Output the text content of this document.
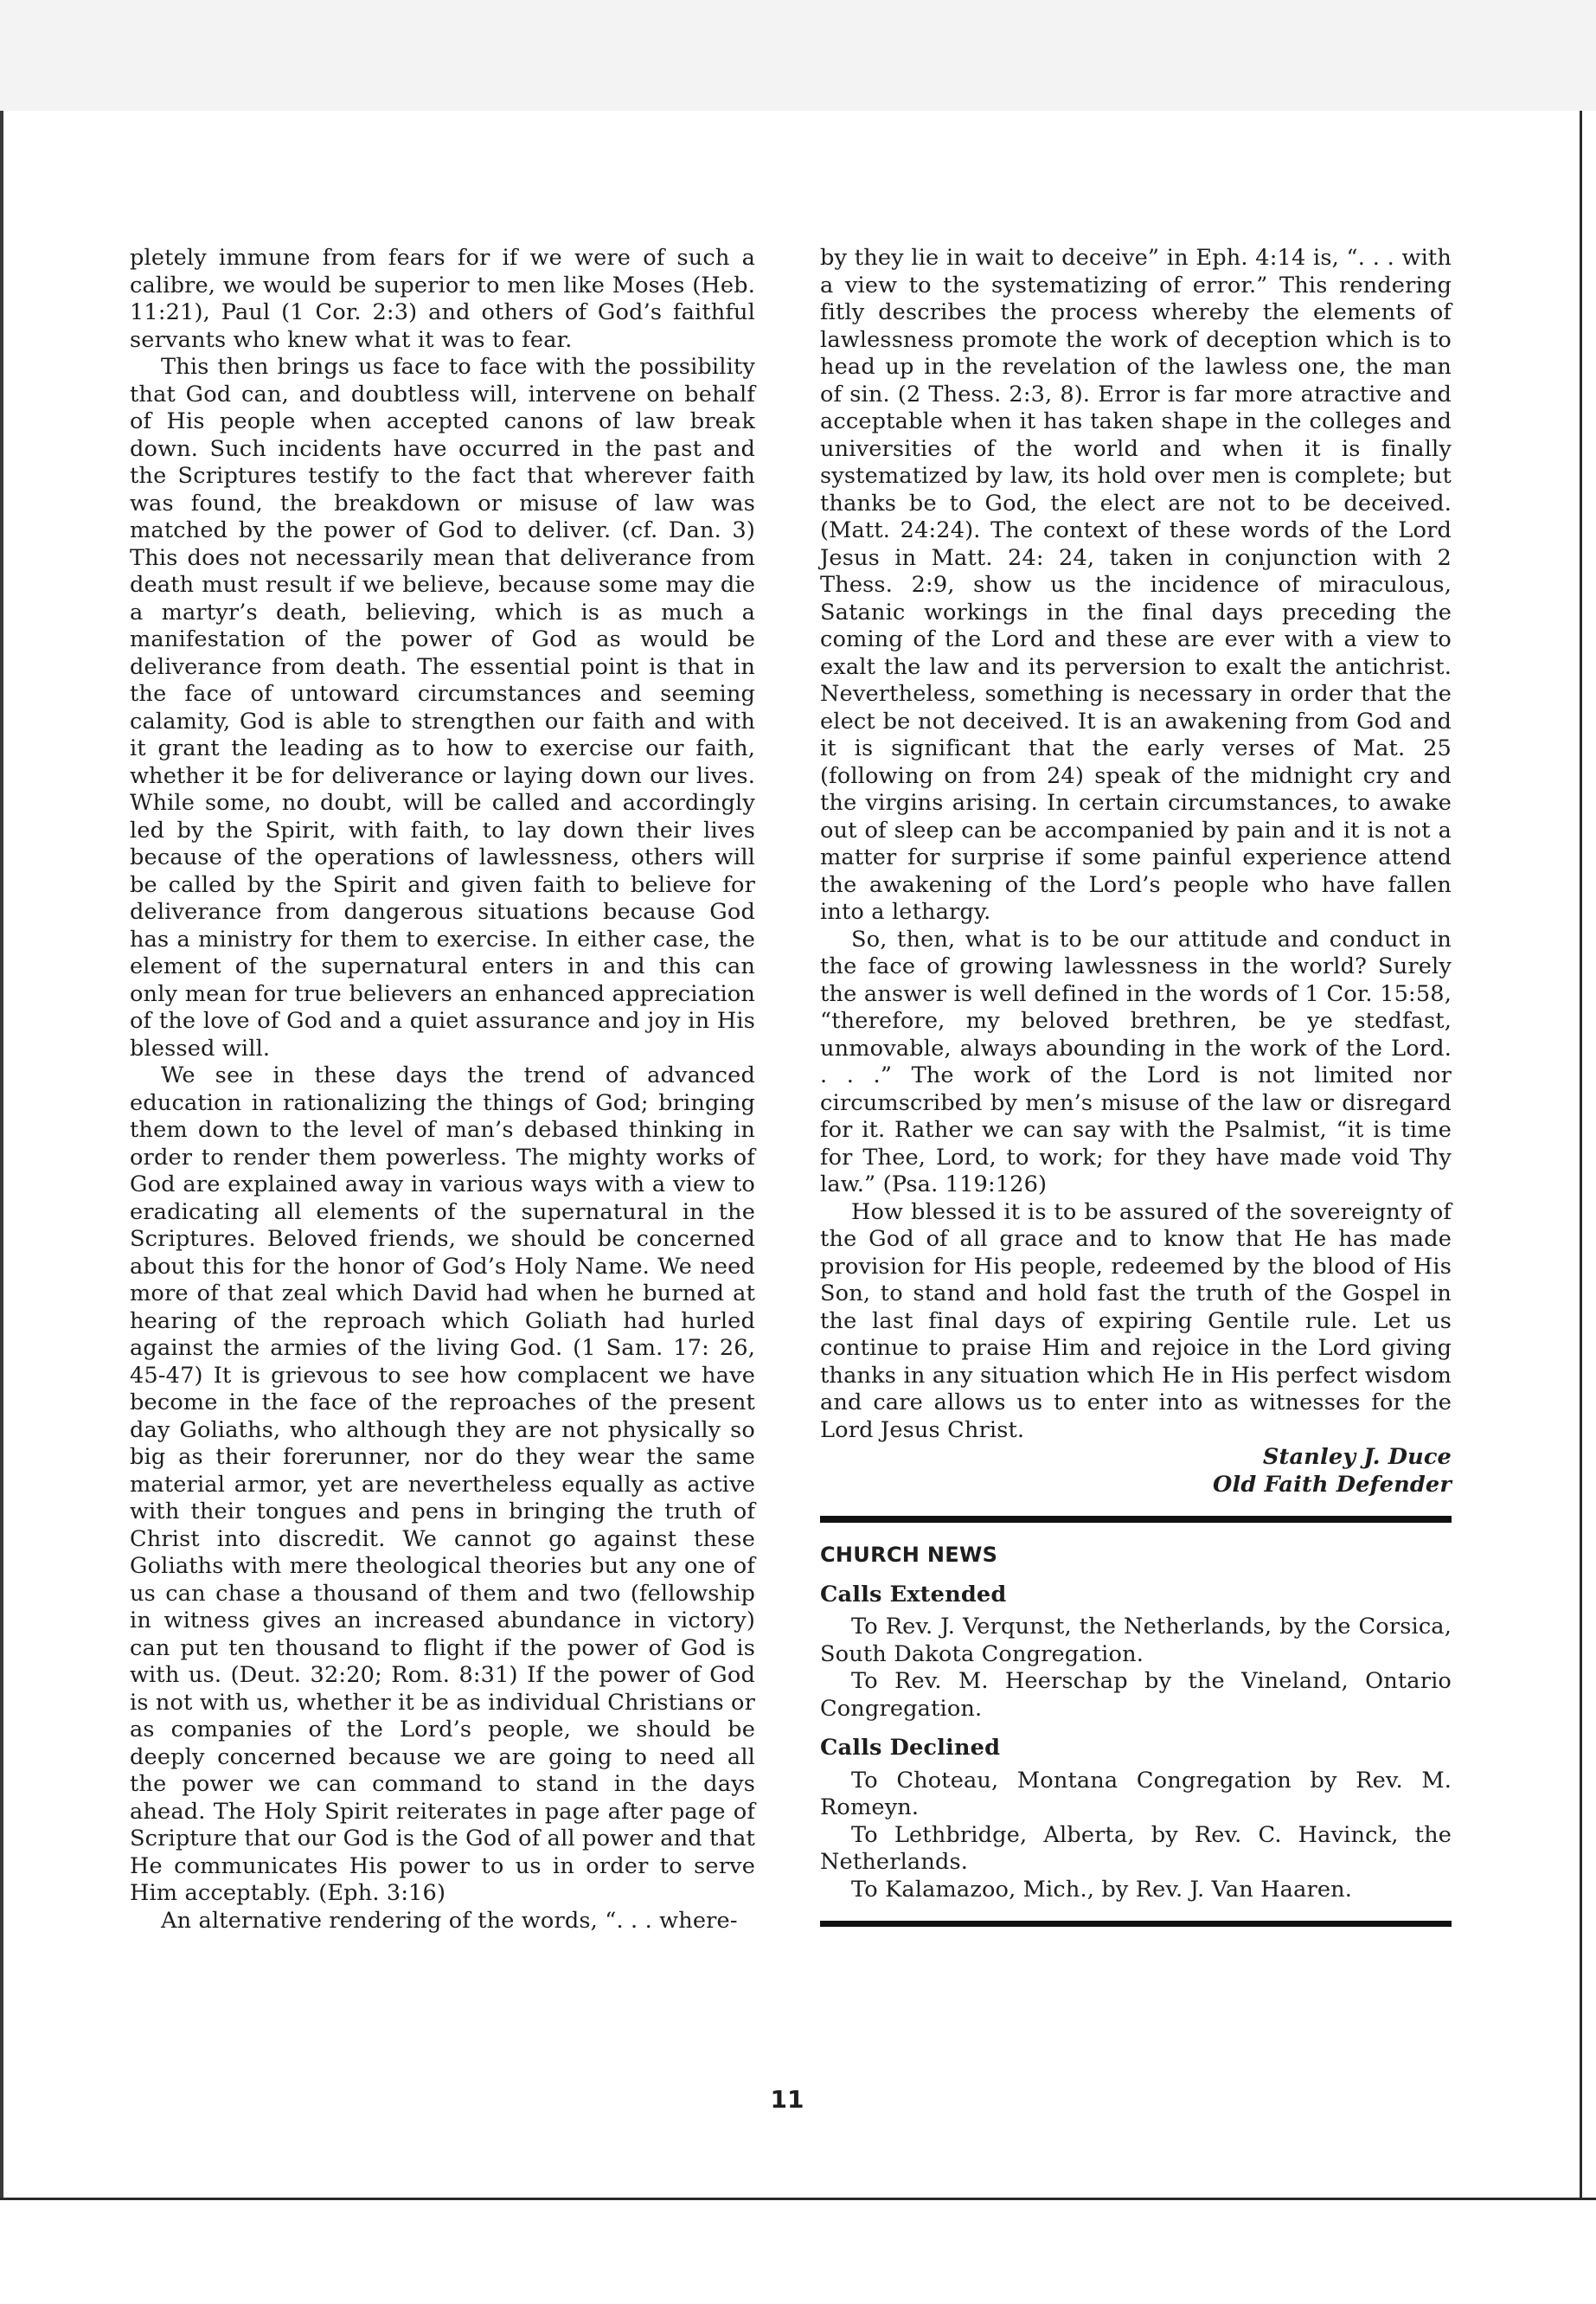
pletely immune from fears for if we were of such a calibre, we would be superior to men like Moses (Heb. 11:21), Paul (1 Cor. 2:3) and others of God’s faithful servants who knew what it was to fear.

This then brings us face to face with the possibility that God can, and doubtless will, intervene on behalf of His people when accepted canons of law break down. Such incidents have occurred in the past and the Scriptures testify to the fact that wherever faith was found, the breakdown or misuse of law was matched by the power of God to deliver. (cf. Dan. 3) This does not necessarily mean that deliverance from death must result if we believe, because some may die a martyr’s death, believing, which is as much a manifestation of the power of God as would be deliverance from death. The essential point is that in the face of untoward circumstances and seeming calamity, God is able to strengthen our faith and with it grant the leading as to how to exercise our faith, whether it be for deliverance or laying down our lives. While some, no doubt, will be called and accordingly led by the Spirit, with faith, to lay down their lives because of the operations of lawlessness, others will be called by the Spirit and given faith to believe for deliverance from dangerous situations because God has a ministry for them to exercise. In either case, the element of the supernatural enters in and this can only mean for true believers an enhanced appreciation of the love of God and a quiet assurance and joy in His blessed will.

We see in these days the trend of advanced education in rationalizing the things of God; bringing them down to the level of man’s debased thinking in order to render them powerless. The mighty works of God are explained away in various ways with a view to eradicating all elements of the supernatural in the Scriptures. Beloved friends, we should be concerned about this for the honor of God’s Holy Name. We need more of that zeal which David had when he burned at hearing of the reproach which Goliath had hurled against the armies of the living God. (1 Sam. 17: 26, 45-47) It is grievous to see how complacent we have become in the face of the reproaches of the present day Goliaths, who although they are not physically so big as their forerunner, nor do they wear the same material armor, yet are nevertheless equally as active with their tongues and pens in bringing the truth of Christ into discredit. We cannot go against these Goliaths with mere theological theories but any one of us can chase a thousand of them and two (fellowship in witness gives an increased abundance in victory) can put ten thousand to flight if the power of God is with us. (Deut. 32:20; Rom. 8:31) If the power of God is not with us, whether it be as individual Christians or as companies of the Lord’s people, we should be deeply concerned because we are going to need all the power we can command to stand in the days ahead. The Holy Spirit reiterates in page after page of Scripture that our God is the God of all power and that He communicates His power to us in order to serve Him acceptably. (Eph. 3:16)

An alternative rendering of the words, “. . . where-

by they lie in wait to deceive” in Eph. 4:14 is, “. . . with a view to the systematizing of error.” This rendering fitly describes the process whereby the elements of lawlessness promote the work of deception which is to head up in the revelation of the lawless one, the man of sin. (2 Thess. 2:3, 8). Error is far more atractive and acceptable when it has taken shape in the colleges and universities of the world and when it is finally systematized by law, its hold over men is complete; but thanks be to God, the elect are not to be deceived. (Matt. 24:24). The context of these words of the Lord Jesus in Matt. 24: 24, taken in conjunction with 2 Thess. 2:9, show us the incidence of miraculous, Satanic workings in the final days preceding the coming of the Lord and these are ever with a view to exalt the law and its perversion to exalt the antichrist. Nevertheless, something is necessary in order that the elect be not deceived. It is an awakening from God and it is significant that the early verses of Mat. 25 (following on from 24) speak of the midnight cry and the virgins arising. In certain circumstances, to awake out of sleep can be accompanied by pain and it is not a matter for surprise if some painful experience attend the awakening of the Lord’s people who have fallen into a lethargy.

So, then, what is to be our attitude and conduct in the face of growing lawlessness in the world? Surely the answer is well defined in the words of 1 Cor. 15:58, “therefore, my beloved brethren, be ye stedfast, unmovable, always abounding in the work of the Lord. . . .” The work of the Lord is not limited nor circumscribed by men’s misuse of the law or disregard for it. Rather we can say with the Psalmist, “it is time for Thee, Lord, to work; for they have made void Thy law.” (Psa. 119:126)

How blessed it is to be assured of the sovereignty of the God of all grace and to know that He has made provision for His people, redeemed by the blood of His Son, to stand and hold fast the truth of the Gospel in the last final days of expiring Gentile rule. Let us continue to praise Him and rejoice in the Lord giving thanks in any situation which He in His perfect wisdom and care allows us to enter into as witnesses for the Lord Jesus Christ.

Stanley J. Duce

Old Faith Defender

CHURCH NEWS
Calls Extended

To Rev. J. Verqunst, the Netherlands, by the Corsica, South Dakota Congregation.

To Rev. M. Heerschap by the Vineland, Ontario Congregation.

Calls Declined

To Choteau, Montana Congregation by Rev. M. Romeyn.

To Lethbridge, Alberta, by Rev. C. Havinck, the Netherlands.

To Kalamazoo, Mich., by Rev. J. Van Haaren.

11
